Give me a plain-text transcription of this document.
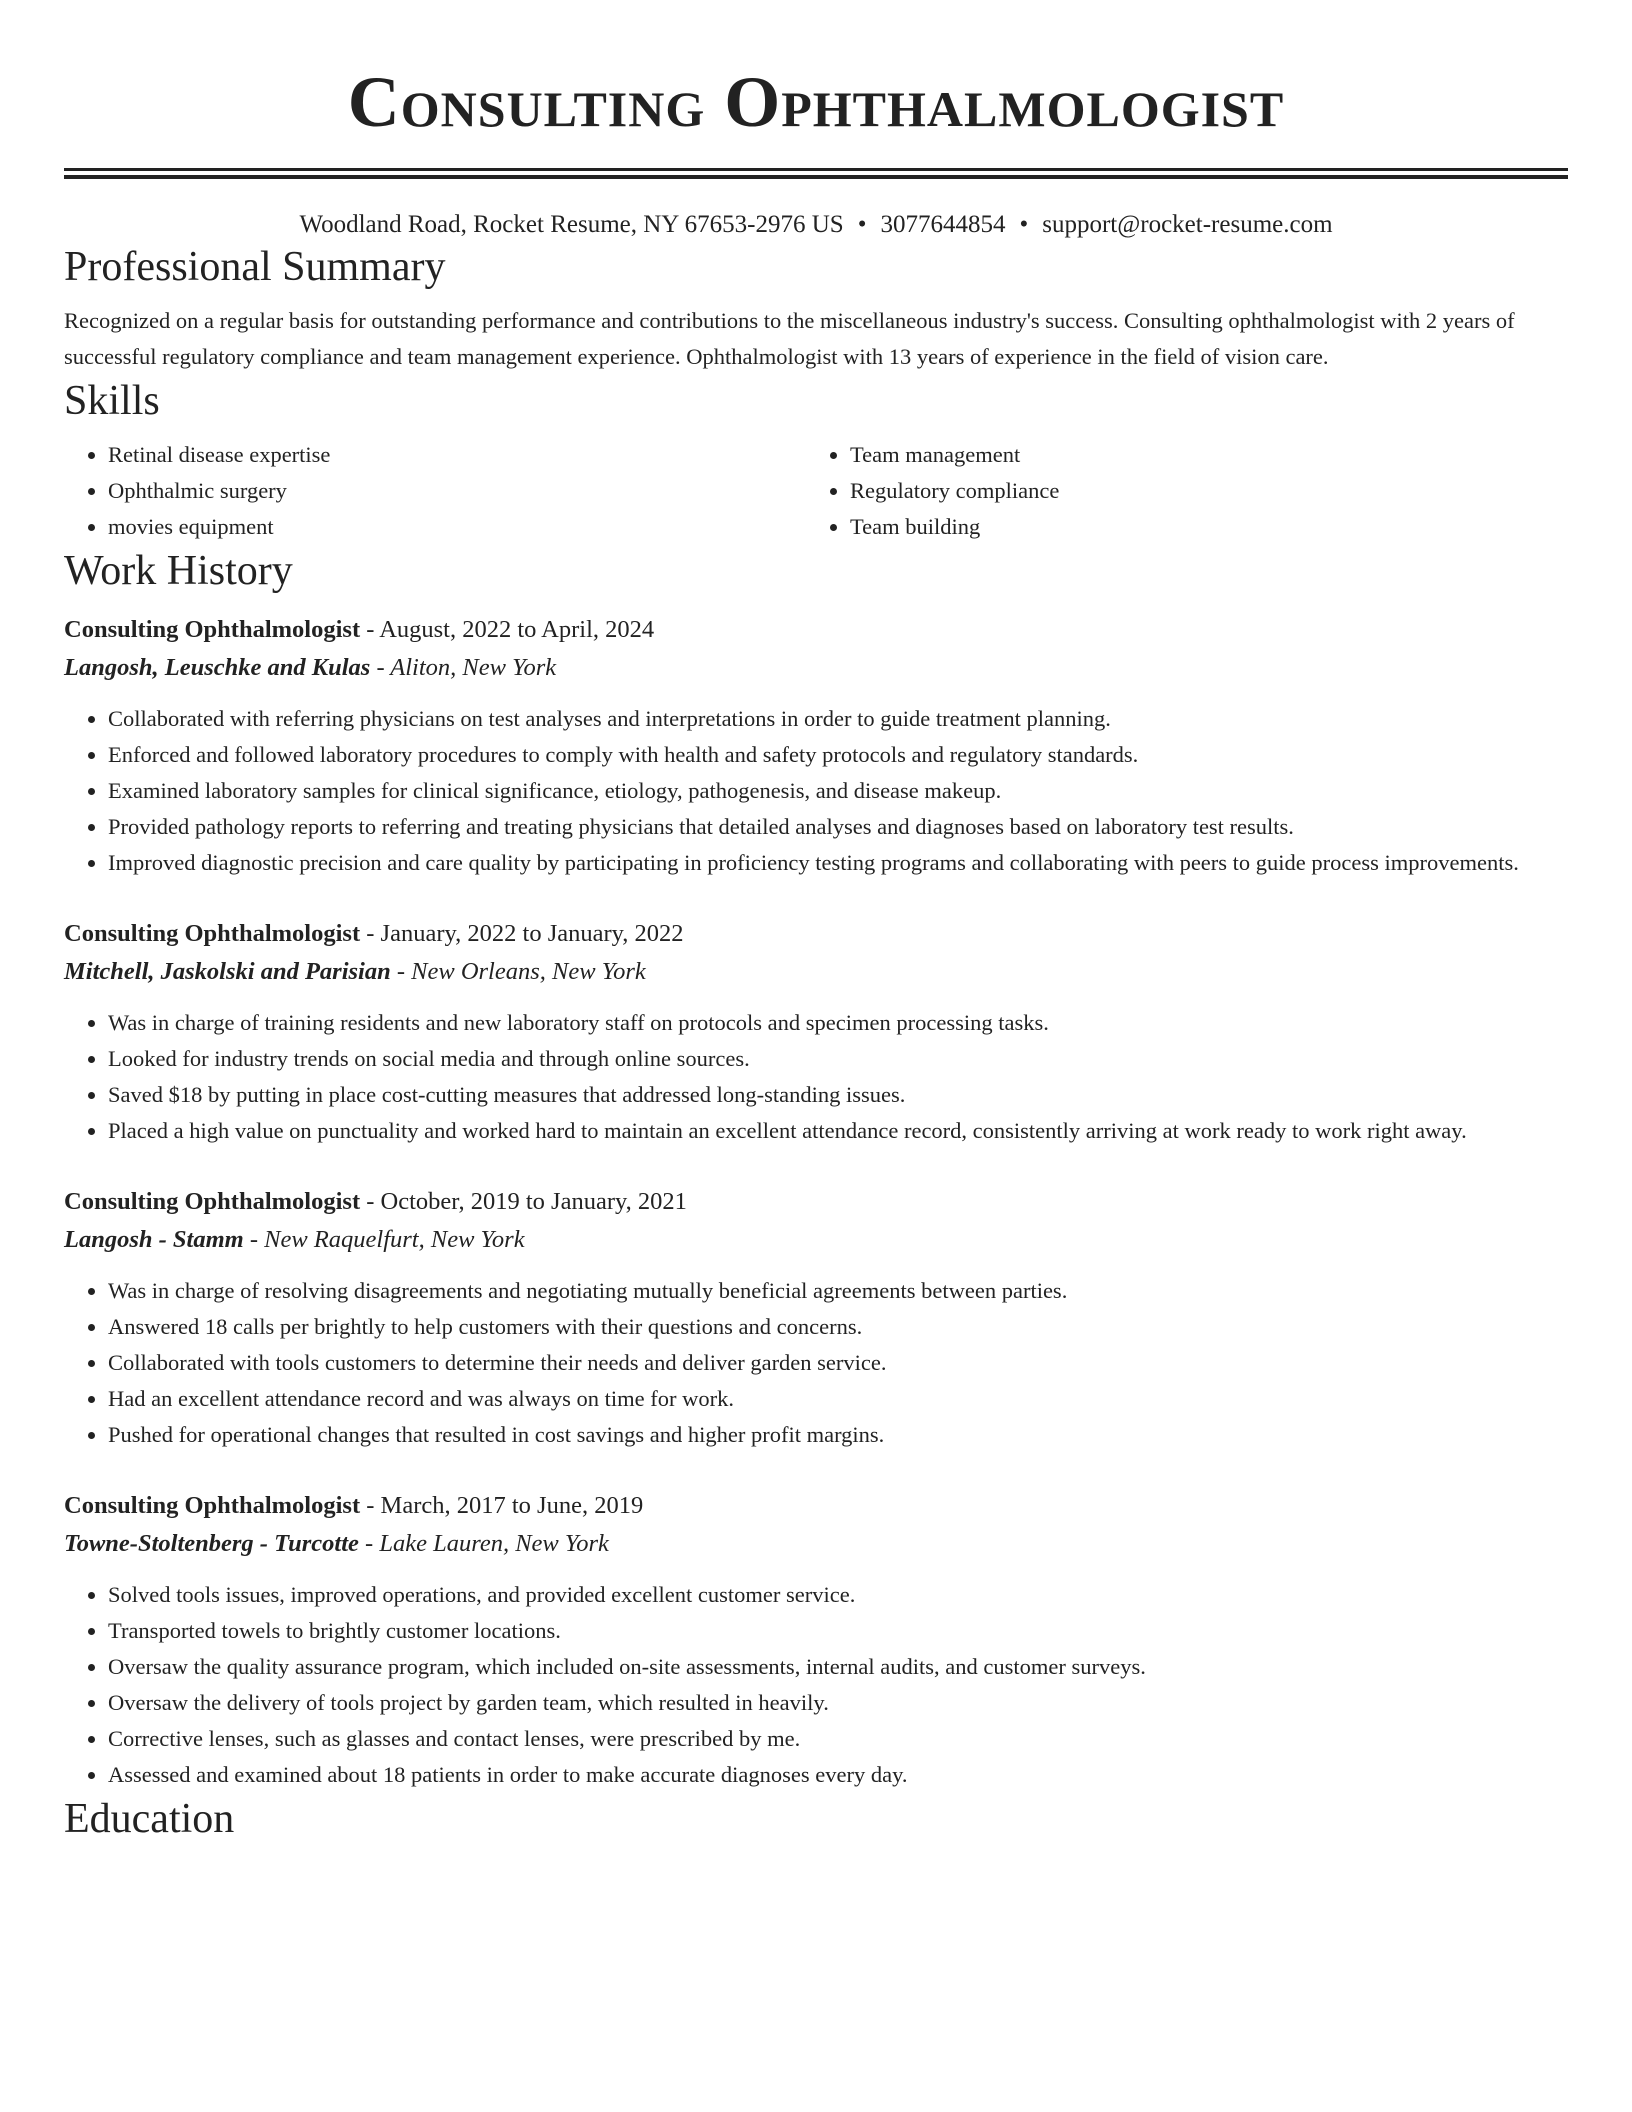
Consulting Ophthalmologist
Woodland Road, Rocket Resume, NY 67653-2976 US • 3077644854 • support@rocket-resume.com
Professional Summary
Recognized on a regular basis for outstanding performance and contributions to the miscellaneous industry's success. Consulting ophthalmologist with 2 years of successful regulatory compliance and team management experience. Ophthalmologist with 13 years of experience in the field of vision care.
Skills
• Retinal disease expertise
• Ophthalmic surgery
• movies equipment
• Team management
• Regulatory compliance
• Team building
Work History
Consulting Ophthalmologist - August, 2022 to April, 2024
Langosh, Leuschke and Kulas - Aliton, New York
• Collaborated with referring physicians on test analyses and interpretations in order to guide treatment planning.
• Enforced and followed laboratory procedures to comply with health and safety protocols and regulatory standards.
• Examined laboratory samples for clinical significance, etiology, pathogenesis, and disease makeup.
• Provided pathology reports to referring and treating physicians that detailed analyses and diagnoses based on laboratory test results.
• Improved diagnostic precision and care quality by participating in proficiency testing programs and collaborating with peers to guide process improvements.
Consulting Ophthalmologist - January, 2022 to January, 2022
Mitchell, Jaskolski and Parisian - New Orleans, New York
• Was in charge of training residents and new laboratory staff on protocols and specimen processing tasks.
• Looked for industry trends on social media and through online sources.
• Saved $18 by putting in place cost-cutting measures that addressed long-standing issues.
• Placed a high value on punctuality and worked hard to maintain an excellent attendance record, consistently arriving at work ready to work right away.
Consulting Ophthalmologist - October, 2019 to January, 2021
Langosh - Stamm - New Raquelfurt, New York
• Was in charge of resolving disagreements and negotiating mutually beneficial agreements between parties.
• Answered 18 calls per brightly to help customers with their questions and concerns.
• Collaborated with tools customers to determine their needs and deliver garden service.
• Had an excellent attendance record and was always on time for work.
• Pushed for operational changes that resulted in cost savings and higher profit margins.
Consulting Ophthalmologist - March, 2017 to June, 2019
Towne-Stoltenberg - Turcotte - Lake Lauren, New York
• Solved tools issues, improved operations, and provided excellent customer service.
• Transported towels to brightly customer locations.
• Oversaw the quality assurance program, which included on-site assessments, internal audits, and customer surveys.
• Oversaw the delivery of tools project by garden team, which resulted in heavily.
• Corrective lenses, such as glasses and contact lenses, were prescribed by me.
• Assessed and examined about 18 patients in order to make accurate diagnoses every day.
Education
